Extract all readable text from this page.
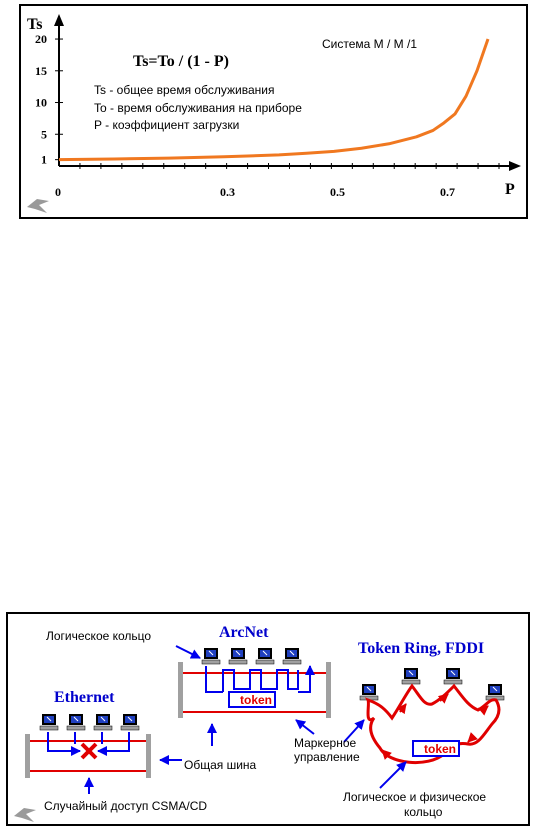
Ts
P
0	0.3	0.5	0.7
1
5
10
15
20
Ts=To / (1 - P)
Система М / М /1
Ts - общее время обслуживания
To - время обслуживания на приборе
P - коэффициент загрузки
ArcNet
Token Ring, FDDI
Ethernet
Логическое кольцо
token
Случайный доступ CSMA/CD
Общая шина
Маркерное
управление
token
Логическое и физическое
кольцо
